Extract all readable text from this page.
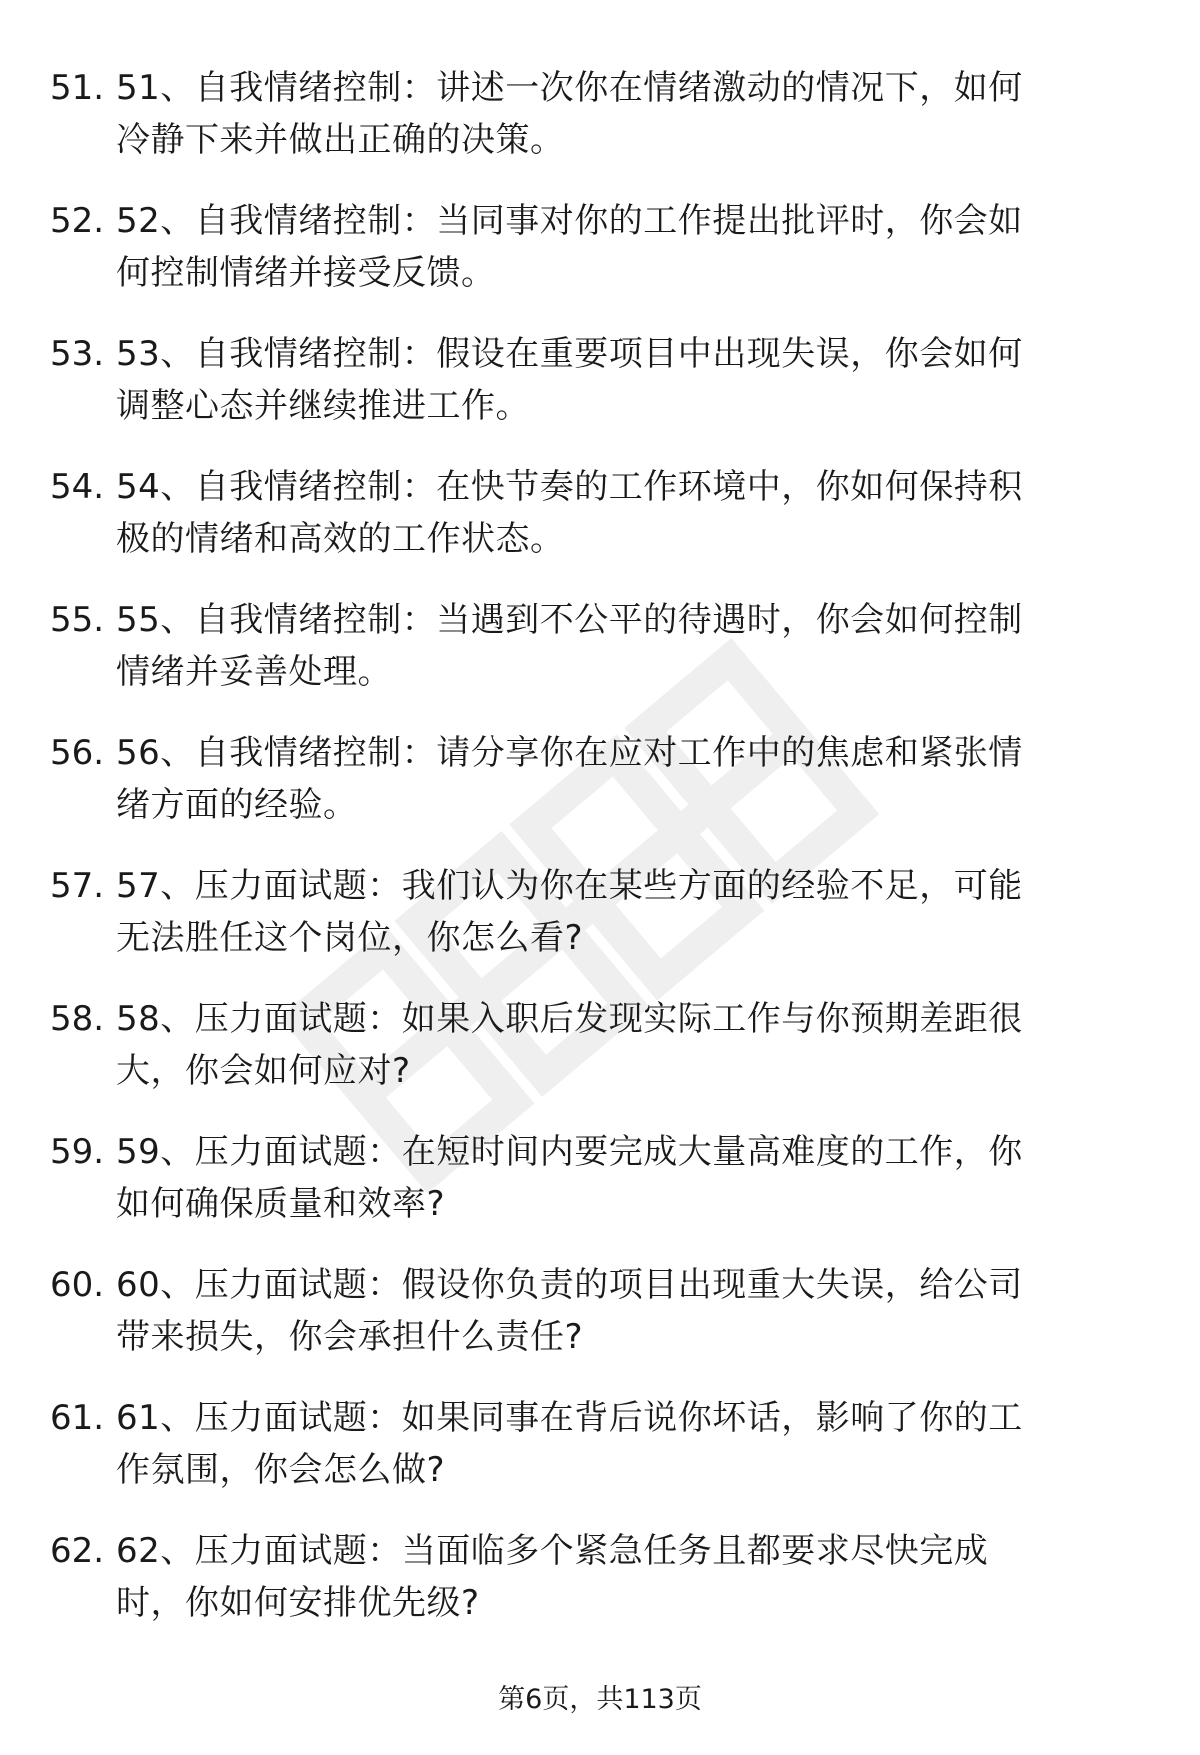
51. 51、自我情绪控制：讲述一次你在情绪激动的情况下，如何冷静下来并做出正确的决策。
52. 52、自我情绪控制：当同事对你的工作提出批评时，你会如何控制情绪并接受反馈。
53. 53、自我情绪控制：假设在重要项目中出现失误，你会如何调整心态并继续推进工作。
54. 54、自我情绪控制：在快节奏的工作环境中，你如何保持积极的情绪和高效的工作状态。
55. 55、自我情绪控制：当遇到不公平的待遇时，你会如何控制情绪并妥善处理。
56. 56、自我情绪控制：请分享你在应对工作中的焦虑和紧张情绪方面的经验。
57. 57、压力面试题：我们认为你在某些方面的经验不足，可能无法胜任这个岗位，你怎么看?
58. 58、压力面试题：如果入职后发现实际工作与你预期差距很大，你会如何应对?
59. 59、压力面试题：在短时间内要完成大量高难度的工作，你如何确保质量和效率?
60. 60、压力面试题：假设你负责的项目出现重大失误，给公司带来损失，你会承担什么责任?
61. 61、压力面试题：如果同事在背后说你坏话，影响了你的工作氛围，你会怎么做?
62. 62、压力面试题：当面临多个紧急任务且都要求尽快完成时，你如何安排优先级?
第6页，共113页
